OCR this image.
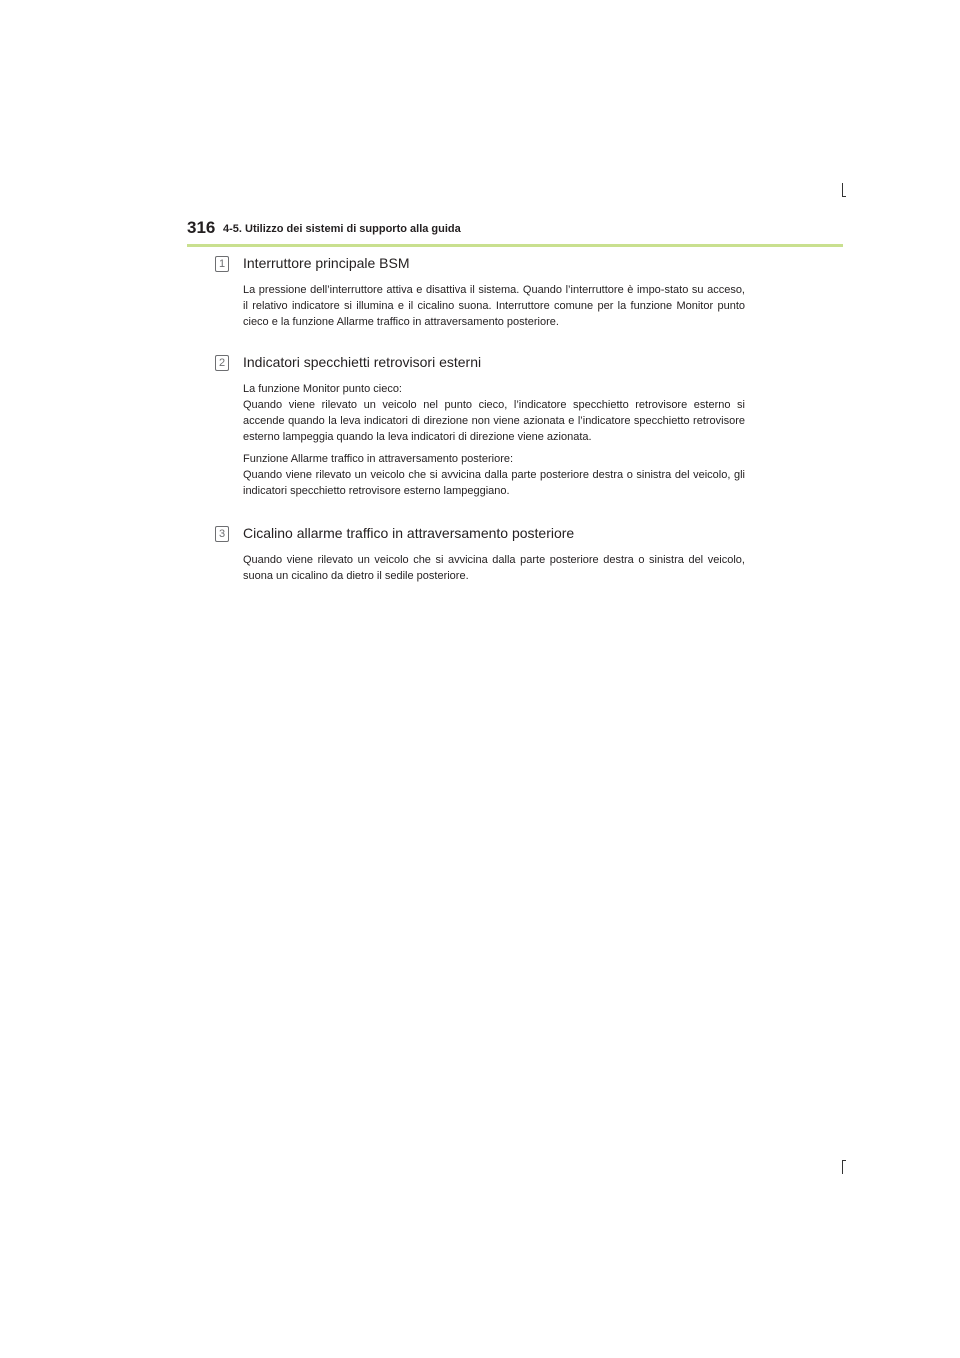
316 4-5. Utilizzo dei sistemi di supporto alla guida
1 Interruttore principale BSM

La pressione dell’interruttore attiva e disattiva il sistema. Quando l’interruttore è impo-stato su acceso, il relativo indicatore si illumina e il cicalino suona. Interruttore comune per la funzione Monitor punto cieco e la funzione Allarme traffico in attraversamento posteriore.

2 Indicatori specchietti retrovisori esterni

La funzione Monitor punto cieco:
Quando viene rilevato un veicolo nel punto cieco, l’indicatore specchietto retrovisore esterno si accende quando la leva indicatori di direzione non viene azionata e l’indicatore specchietto retrovisore esterno lampeggia quando la leva indicatori di direzione viene azionata.

Funzione Allarme traffico in attraversamento posteriore:
Quando viene rilevato un veicolo che si avvicina dalla parte posteriore destra o sinistra del veicolo, gli indicatori specchietto retrovisore esterno lampeggiano.

3 Cicalino allarme traffico in attraversamento posteriore

Quando viene rilevato un veicolo che si avvicina dalla parte posteriore destra o sinistra del veicolo, suona un cicalino da dietro il sedile posteriore.
